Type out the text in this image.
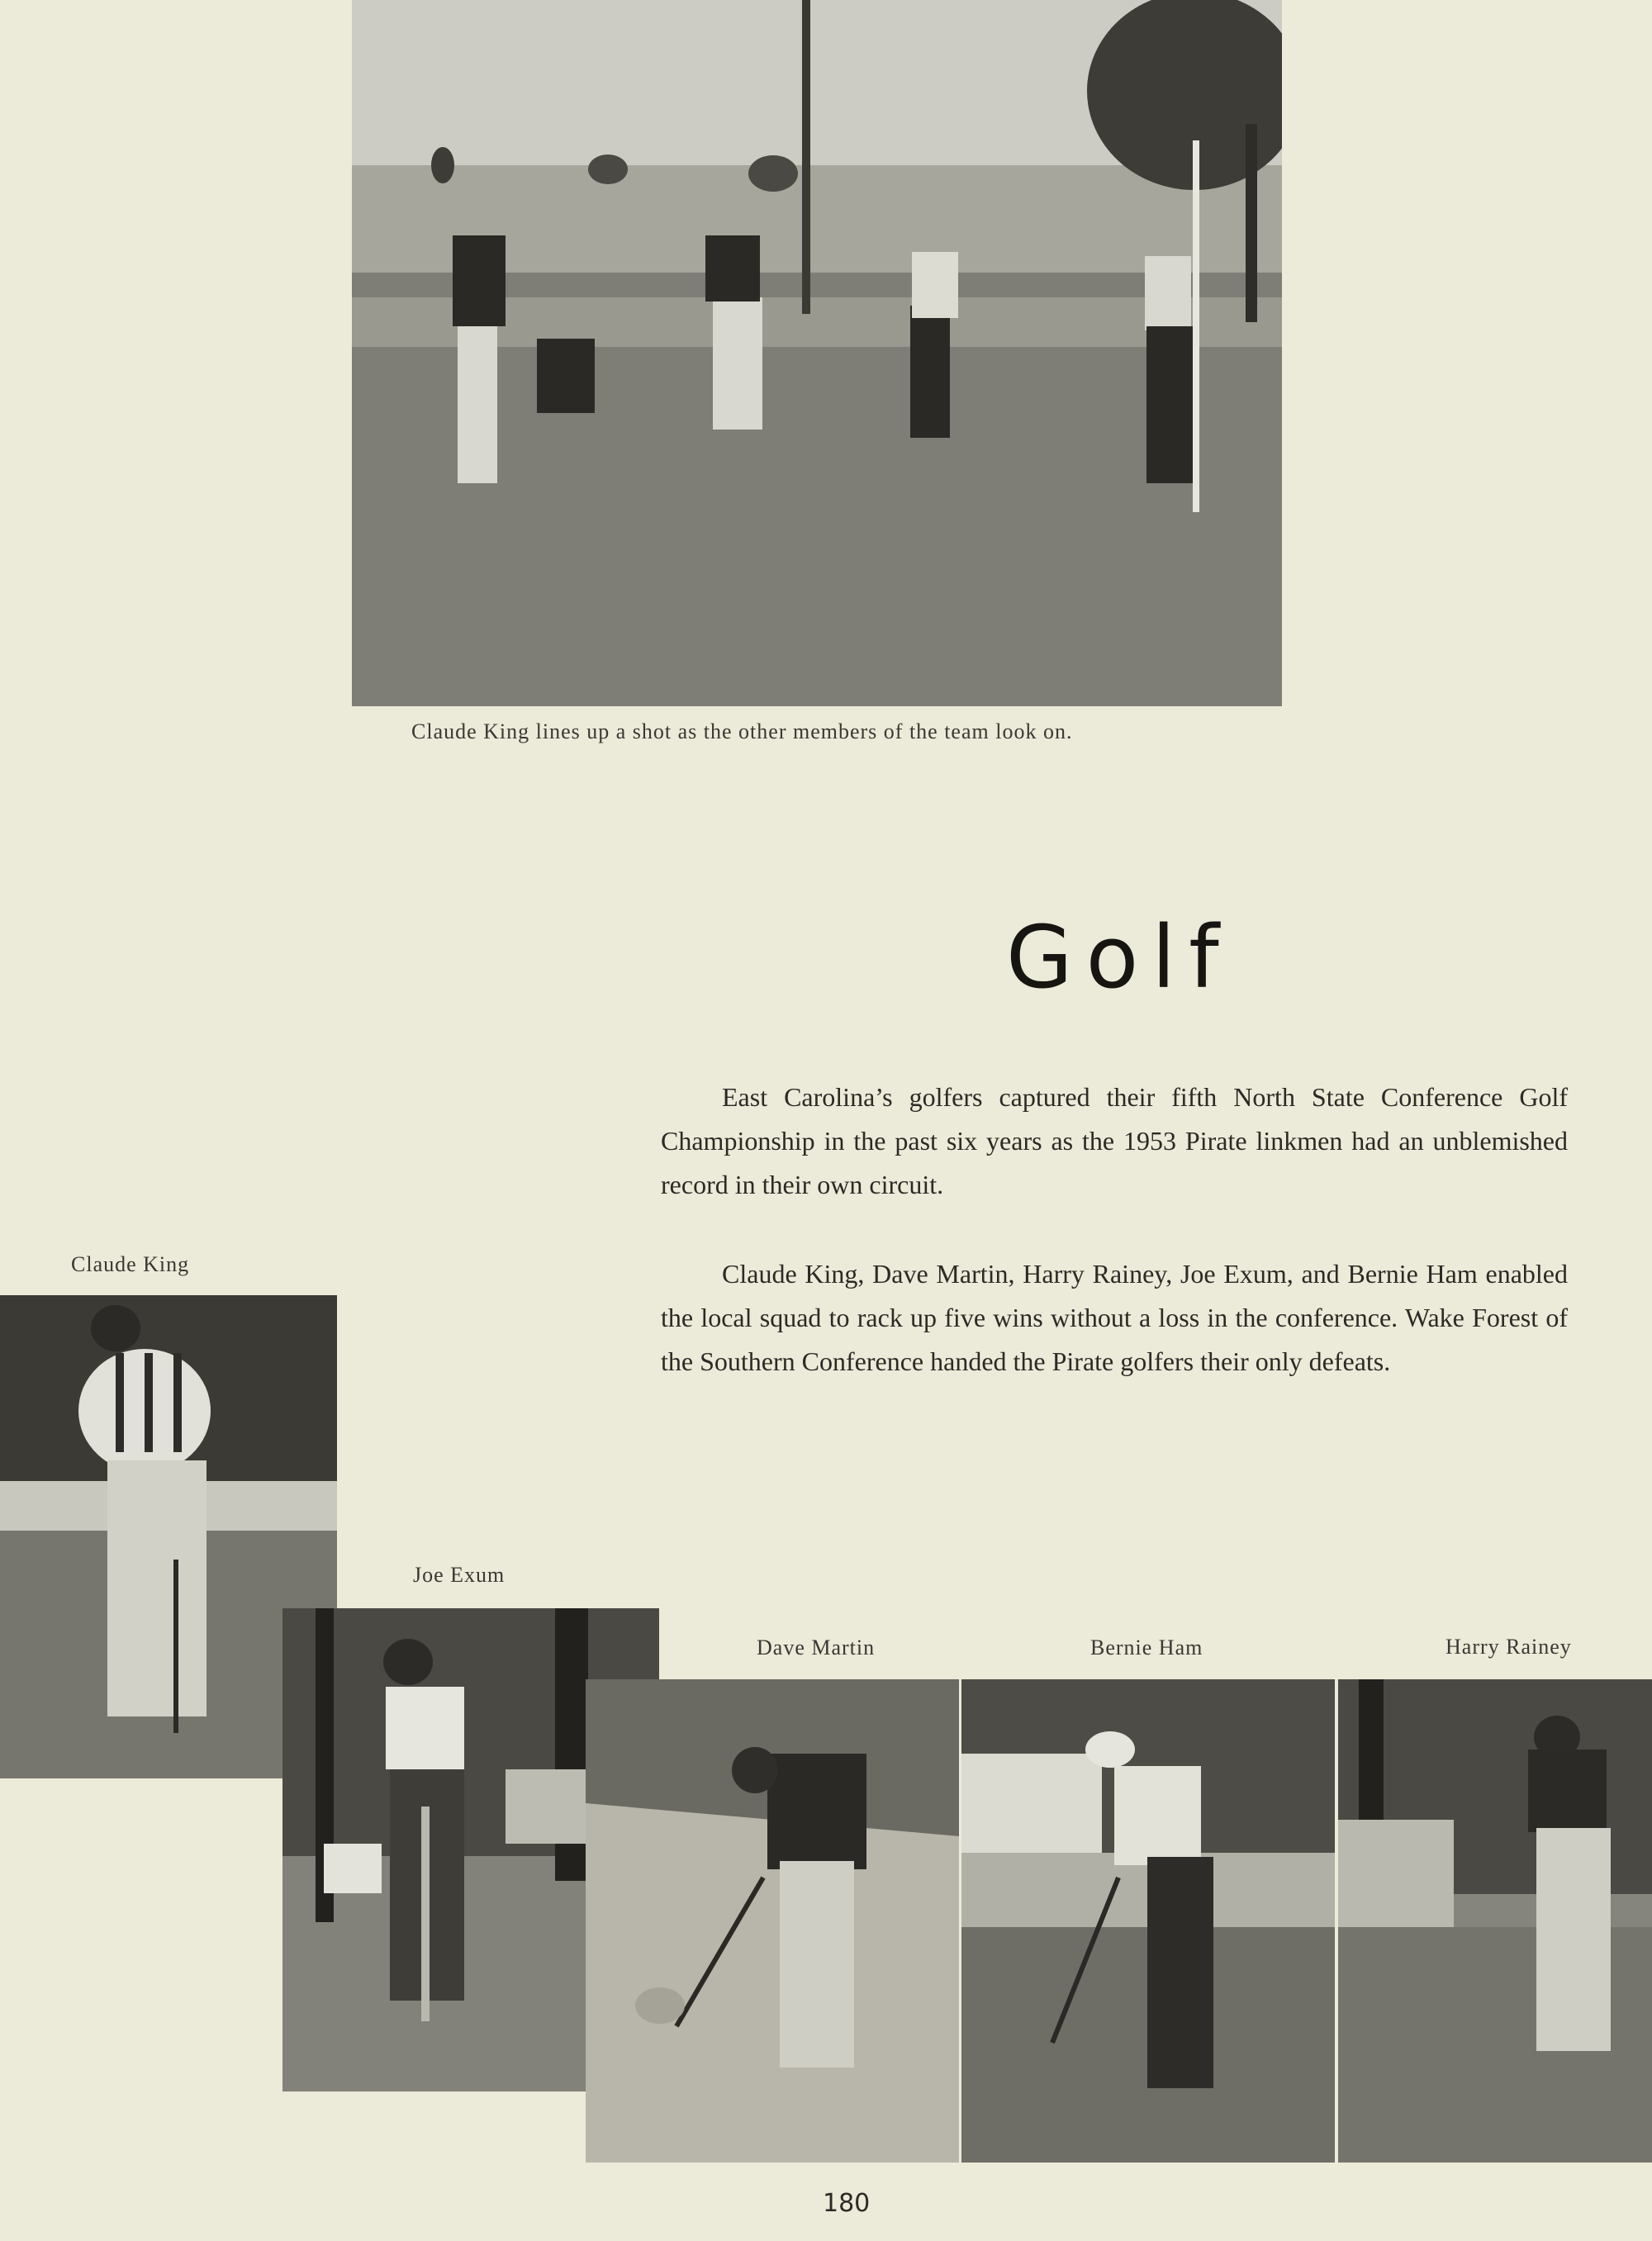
Claude King lines up a shot as the other members of the team look on.
Golf

East Carolina’s golfers captured their fifth North State Conference Golf Championship in the past six years as the 1953 Pirate linkmen had an unblemished record in their own circuit.

Claude King, Dave Martin, Harry Rainey, Joe Exum, and Bernie Ham enabled the local squad to rack up five wins without a loss in the conference. Wake Forest of the Southern Conference handed the Pirate golfers their only defeats.

Claude King
Joe Exum
Dave Martin	Bernie Ham	Harry Rainey
180
